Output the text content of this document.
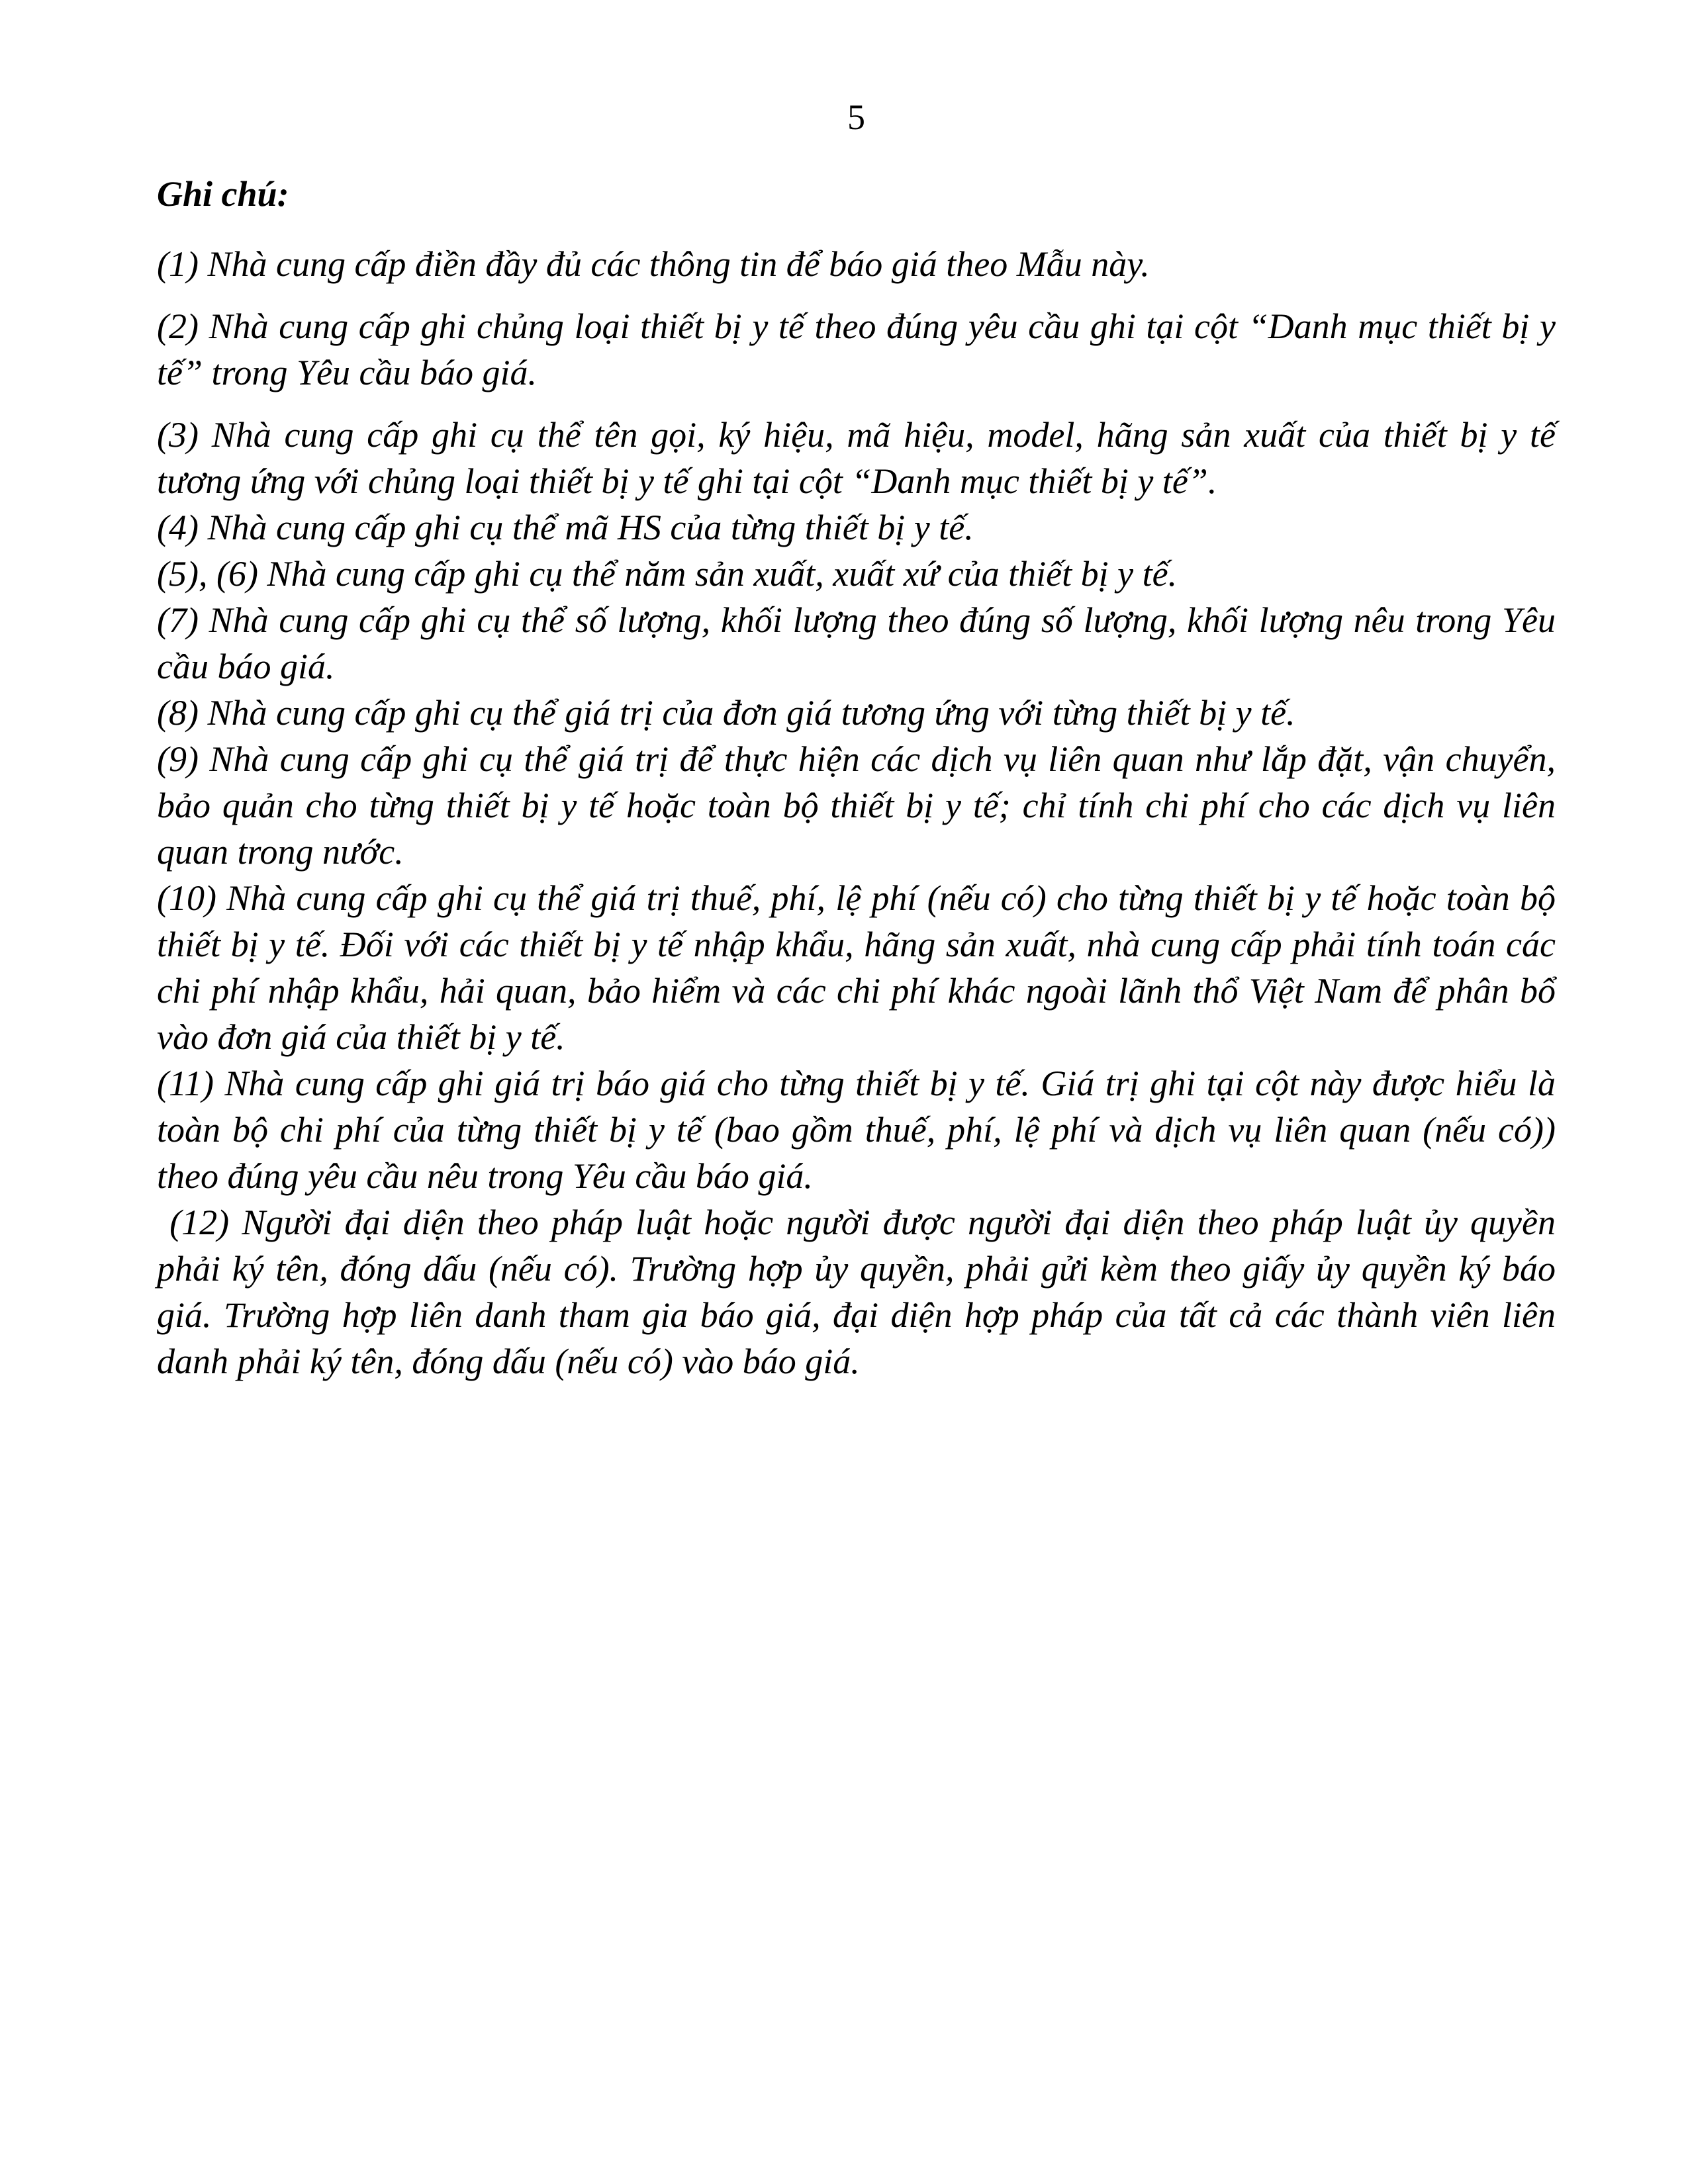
5
Ghi chú:

(1) Nhà cung cấp điền đầy đủ các thông tin để báo giá theo Mẫu này.

(2) Nhà cung cấp ghi chủng loại thiết bị y tế theo đúng yêu cầu ghi tại cột “Danh mục thiết bị y tế” trong Yêu cầu báo giá.

(3) Nhà cung cấp ghi cụ thể tên gọi, ký hiệu, mã hiệu, model, hãng sản xuất của thiết bị y tế tương ứng với chủng loại thiết bị y tế ghi tại cột “Danh mục thiết bị y tế”.

(4) Nhà cung cấp ghi cụ thể mã HS của từng thiết bị y tế.

(5), (6) Nhà cung cấp ghi cụ thể năm sản xuất, xuất xứ của thiết bị y tế.

(7) Nhà cung cấp ghi cụ thể số lượng, khối lượng theo đúng số lượng, khối lượng nêu trong Yêu cầu báo giá.

(8) Nhà cung cấp ghi cụ thể giá trị của đơn giá tương ứng với từng thiết bị y tế.

(9) Nhà cung cấp ghi cụ thể giá trị để thực hiện các dịch vụ liên quan như lắp đặt, vận chuyển, bảo quản cho từng thiết bị y tế hoặc toàn bộ thiết bị y tế; chỉ tính chi phí cho các dịch vụ liên quan trong nước.

(10) Nhà cung cấp ghi cụ thể giá trị thuế, phí, lệ phí (nếu có) cho từng thiết bị y tế hoặc toàn bộ thiết bị y tế. Đối với các thiết bị y tế nhập khẩu, hãng sản xuất, nhà cung cấp phải tính toán các chi phí nhập khẩu, hải quan, bảo hiểm và các chi phí khác ngoài lãnh thổ Việt Nam để phân bổ vào đơn giá của thiết bị y tế.

(11) Nhà cung cấp ghi giá trị báo giá cho từng thiết bị y tế. Giá trị ghi tại cột này được hiểu là toàn bộ chi phí của từng thiết bị y tế (bao gồm thuế, phí, lệ phí và dịch vụ liên quan (nếu có)) theo đúng yêu cầu nêu trong Yêu cầu báo giá.

(12) Người đại diện theo pháp luật hoặc người được người đại diện theo pháp luật ủy quyền phải ký tên, đóng dấu (nếu có). Trường hợp ủy quyền, phải gửi kèm theo giấy ủy quyền ký báo giá. Trường hợp liên danh tham gia báo giá, đại diện hợp pháp của tất cả các thành viên liên danh phải ký tên, đóng dấu (nếu có) vào báo giá.
